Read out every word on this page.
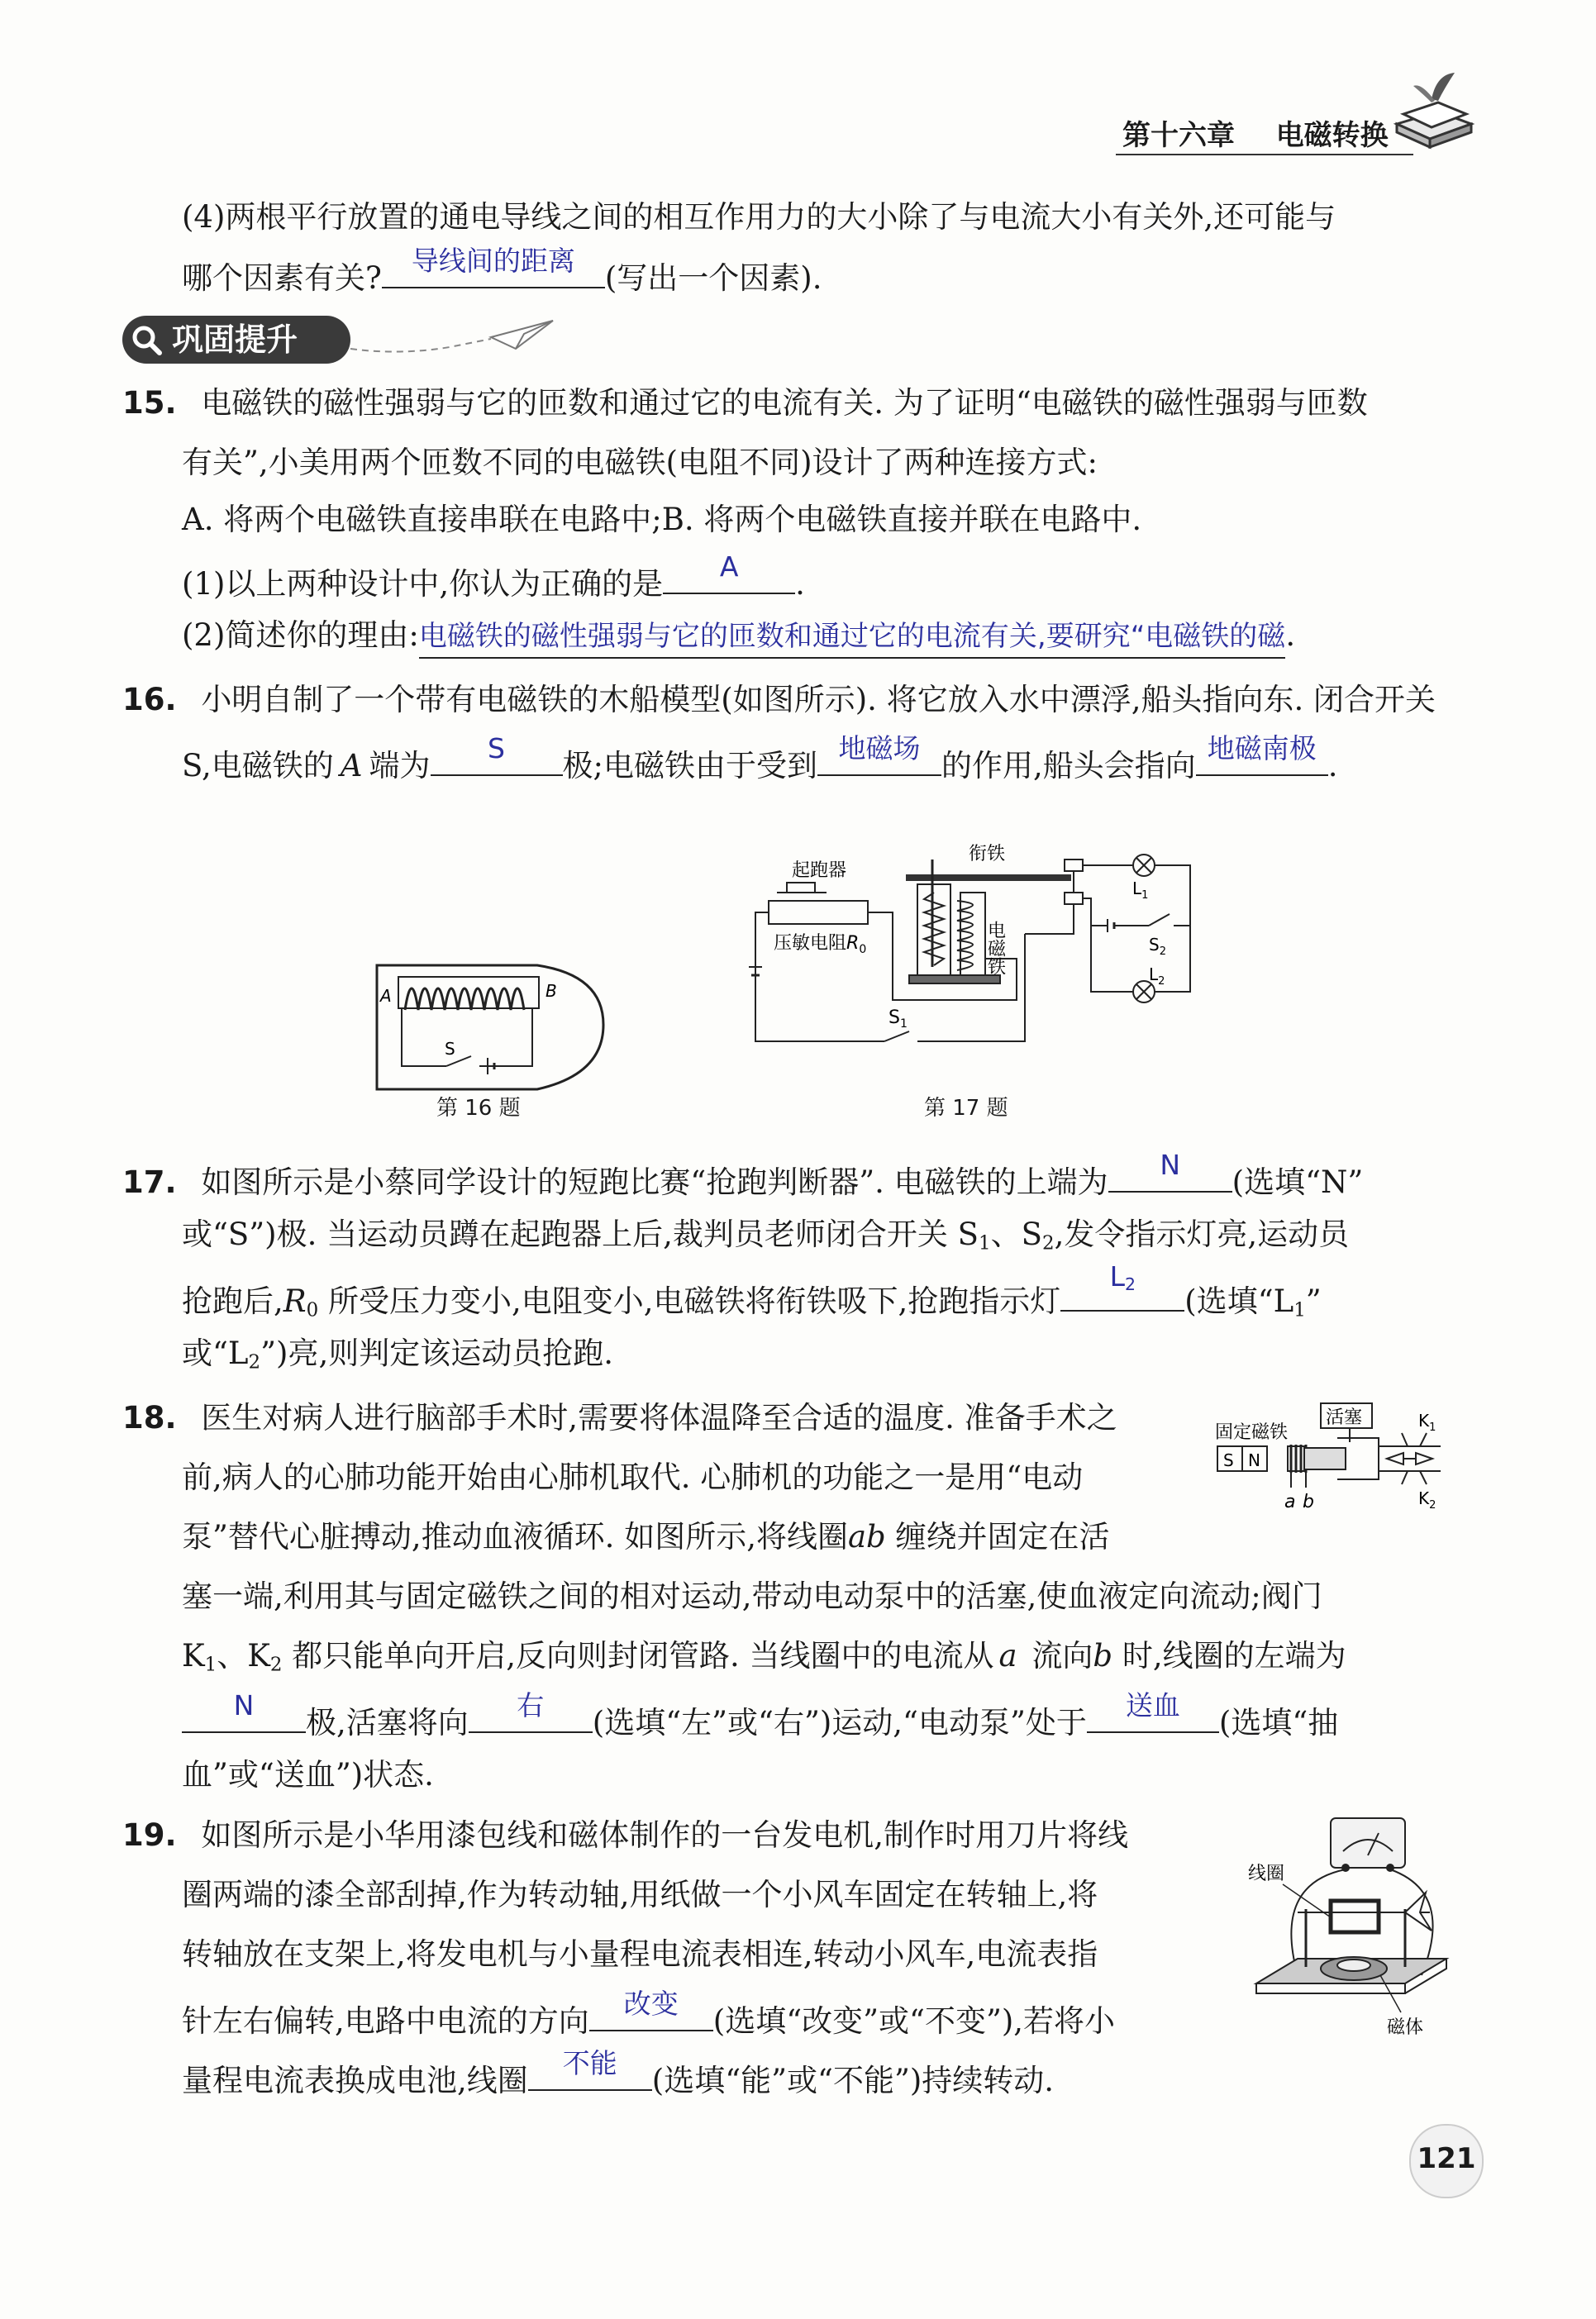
第十六章 电磁转换
(4)两根平行放置的通电导线之间的相互作用力的大小除了与电流大小有关外,还可能与
哪个因素有关?	导线间的距离 (写出一个因素).
巩固提升
15. 电磁铁的磁性强弱与它的匝数和通过它的电流有关. 为了证明“电磁铁的磁性强弱与匝数
有关”,小美用两个匝数不同的电磁铁(电阻不同)设计了两种连接方式:
A. 将两个电磁铁直接串联在电路中;B. 将两个电磁铁直接并联在电路中.
(1)以上两种设计中,你认为正确的是	A	.
(2)简述你的理由:电磁铁的磁性强弱与它的匝数和通过它的电流有关,要研究“电磁铁的磁.
16. 小明自制了一个带有电磁铁的木船模型(如图所示). 将它放入水中漂浮,船头指向东. 闭合开关
S,电磁铁的 A 端为	S	极;电磁铁由于受到 地磁场 的作用,船头会指向 地磁南极 .
A	B
S
第 16 题
起跑器
压敏电阻$R_0$
$S_1$
电磁铁
衔铁
$L_1$
$S_2$
$L_2$
第 17 题
17. 如图所示是小蔡同学设计的短跑比赛“抢跑判断器”. 电磁铁的上端为	N	(选填“N”
或“S”)极. 当运动员蹲在起跑器上后,裁判员老师闭合开关 $S_1$、$S_2$,发令指示灯亮,运动员
抢跑后$,R_0$ 所受压力变小,电阻变小,电磁铁将衔铁吸下,抢跑指示灯
$L_2$	(选填“$L_1$”
或“$L_2$”)亮,则判定该运动员抢跑.
18. 医生对病人进行脑部手术时,需要将体温降至合适的温度. 准备手术之
前,病人的心肺功能开始由心肺机取代. 心肺机的功能之一是用“电动
泵”替代心脏搏动,推动血液循环. 如图所示,将线圈ab 缠绕并固定在活
塞一端,利用其与固定磁铁之间的相对运动,带动电动泵中的活塞,使血液定向流动;阀门
$K_1$、$K_2$ 都只能单向开启,反向则封闭管路. 当线圈中的电流从 a 流向b 时,线圈的左端为
N	极,活塞将向	右	(选填“左”或“右”)运动,“电动泵”处于	送血	(选填“抽
血”或“送血”)状态.
固定磁铁
S N
活塞	$K_1$
$K_2$
a b
19. 如图所示是小华用漆包线和磁体制作的一台发电机,制作时用刀片将线
圈两端的漆全部刮掉,作为转动轴,用纸做一个小风车固定在转轴上,将
转轴放在支架上,将发电机与小量程电流表相连,转动小风车,电流表指
针左右偏转,电路中电流的方向	改变	(选填“改变”或“不变”),若将小
量程电流表换成电池,线圈	不能	(选填“能”或“不能”)持续转动.
线圈
磁体
121
